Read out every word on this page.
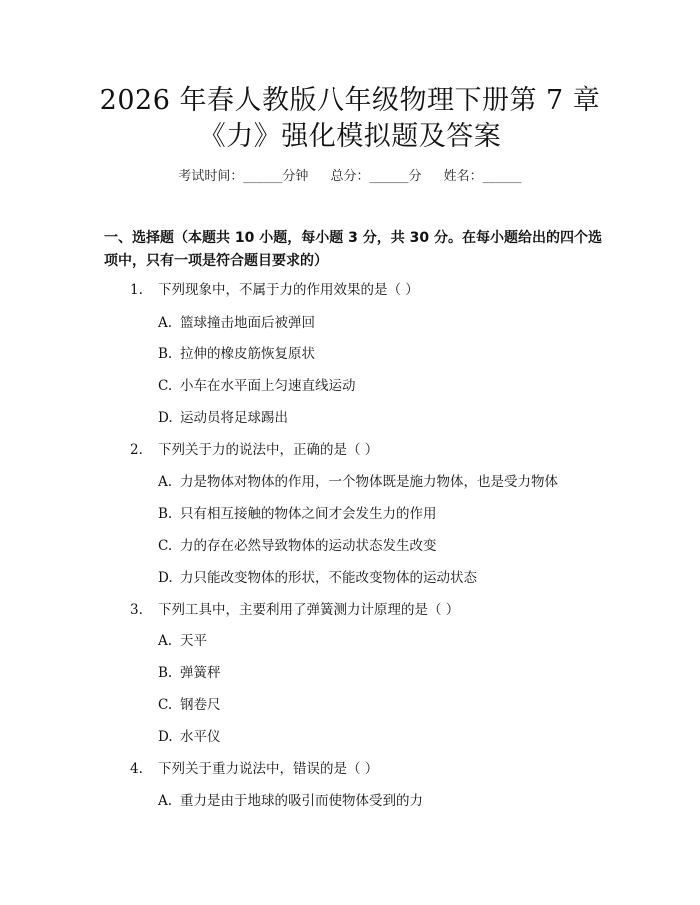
2026 年春人教版八年级物理下册第 7 章
《力》强化模拟题及答案
考试时间：______分钟 总分：______分 姓名：______
一、选择题（本题共 10 小题，每小题 3 分，共 30 分。在每小题给出的四个选项中，只有一项是符合题目要求的）
1. 下列现象中，不属于力的作用效果的是（ ）
A. 篮球撞击地面后被弹回
B. 拉伸的橡皮筋恢复原状
C. 小车在水平面上匀速直线运动
D. 运动员将足球踢出
2. 下列关于力的说法中，正确的是（ ）
A. 力是物体对物体的作用，一个物体既是施力物体，也是受力物体
B. 只有相互接触的物体之间才会发生力的作用
C. 力的存在必然导致物体的运动状态发生改变
D. 力只能改变物体的形状，不能改变物体的运动状态
3. 下列工具中，主要利用了弹簧测力计原理的是（ ）
A. 天平
B. 弹簧秤
C. 钢卷尺
D. 水平仪
4. 下列关于重力说法中，错误的是（ ）
A. 重力是由于地球的吸引而使物体受到的力
